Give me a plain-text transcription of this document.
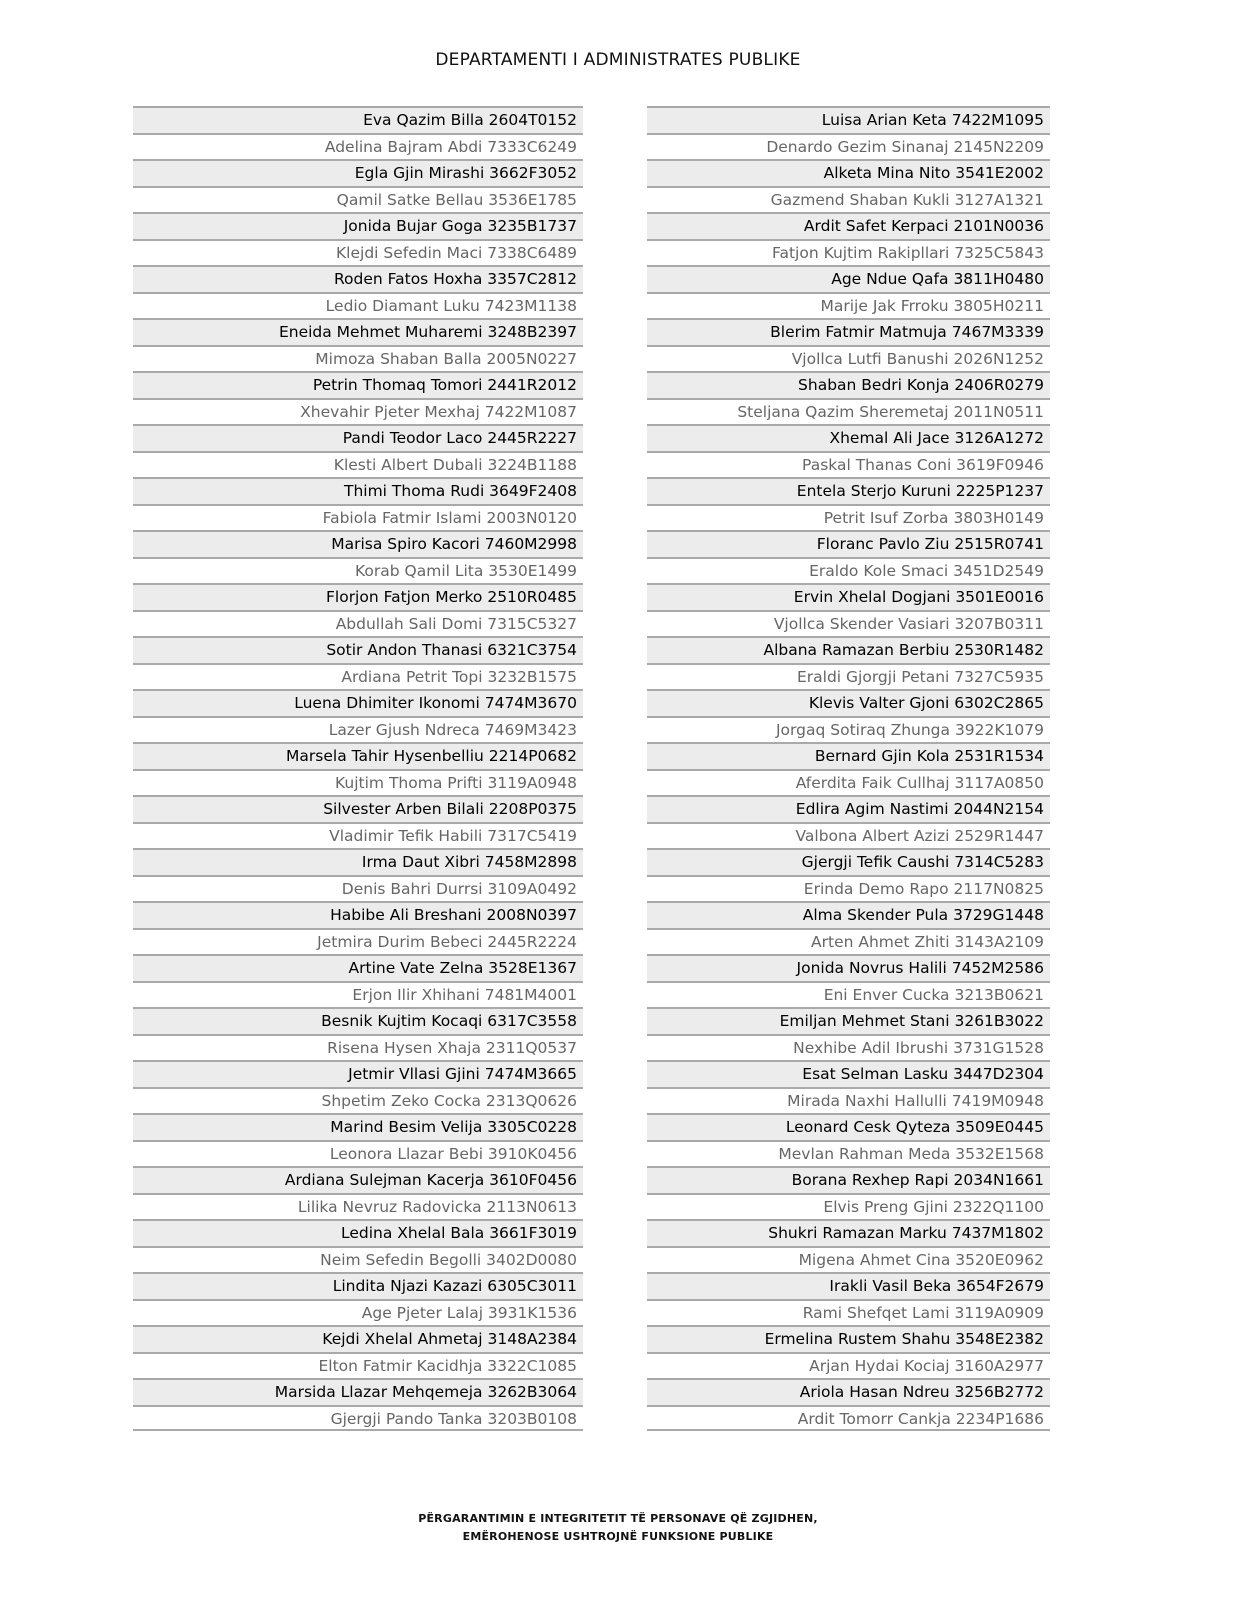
DEPARTAMENTI I ADMINISTRATES PUBLIKE
Eva Qazim Billa 2604T0152
Adelina Bajram Abdi 7333C6249
Egla Gjin Mirashi 3662F3052
Qamil Satke Bellau 3536E1785
Jonida Bujar Goga 3235B1737
Klejdi Sefedin Maci 7338C6489
Roden Fatos Hoxha 3357C2812
Ledio Diamant Luku 7423M1138
Eneida Mehmet Muharemi 3248B2397
Mimoza Shaban Balla 2005N0227
Petrin Thomaq Tomori 2441R2012
Xhevahir Pjeter Mexhaj 7422M1087
Pandi Teodor Laco 2445R2227
Klesti Albert Dubali 3224B1188
Thimi Thoma Rudi 3649F2408
Fabiola Fatmir Islami 2003N0120
Marisa Spiro Kacori 7460M2998
Korab Qamil Lita 3530E1499
Florjon Fatjon Merko 2510R0485
Abdullah Sali Domi 7315C5327
Sotir Andon Thanasi 6321C3754
Ardiana Petrit Topi 3232B1575
Luena Dhimiter Ikonomi 7474M3670
Lazer Gjush Ndreca 7469M3423
Marsela Tahir Hysenbelliu 2214P0682
Kujtim Thoma Prifti 3119A0948
Silvester Arben Bilali 2208P0375
Vladimir Tefik Habili 7317C5419
Irma Daut Xibri 7458M2898
Denis Bahri Durrsi 3109A0492
Habibe Ali Breshani 2008N0397
Jetmira Durim Bebeci 2445R2224
Artine Vate Zelna 3528E1367
Erjon Ilir Xhihani 7481M4001
Besnik Kujtim Kocaqi 6317C3558
Risena Hysen Xhaja 2311Q0537
Jetmir Vllasi Gjini 7474M3665
Shpetim Zeko Cocka 2313Q0626
Marind Besim Velija 3305C0228
Leonora Llazar Bebi 3910K0456
Ardiana Sulejman Kacerja 3610F0456
Lilika Nevruz Radovicka 2113N0613
Ledina Xhelal Bala 3661F3019
Neim Sefedin Begolli 3402D0080
Lindita Njazi Kazazi 6305C3011
Age Pjeter Lalaj 3931K1536
Kejdi Xhelal Ahmetaj 3148A2384
Elton Fatmir Kacidhja 3322C1085
Marsida Llazar Mehqemeja 3262B3064
Gjergji Pando Tanka 3203B0108
Luisa Arian Keta 7422M1095
Denardo Gezim Sinanaj 2145N2209
Alketa Mina Nito 3541E2002
Gazmend Shaban Kukli 3127A1321
Ardit Safet Kerpaci 2101N0036
Fatjon Kujtim Rakipllari 7325C5843
Age Ndue Qafa 3811H0480
Marije Jak Frroku 3805H0211
Blerim Fatmir Matmuja 7467M3339
Vjollca Lutfi Banushi 2026N1252
Shaban Bedri Konja 2406R0279
Steljana Qazim Sheremetaj 2011N0511
Xhemal Ali Jace 3126A1272
Paskal Thanas Coni 3619F0946
Entela Sterjo Kuruni 2225P1237
Petrit Isuf Zorba 3803H0149
Floranc Pavlo Ziu 2515R0741
Eraldo Kole Smaci 3451D2549
Ervin Xhelal Dogjani 3501E0016
Vjollca Skender Vasiari 3207B0311
Albana Ramazan Berbiu 2530R1482
Eraldi Gjorgji Petani 7327C5935
Klevis Valter Gjoni 6302C2865
Jorgaq Sotiraq Zhunga 3922K1079
Bernard Gjin Kola 2531R1534
Aferdita Faik Cullhaj 3117A0850
Edlira Agim Nastimi 2044N2154
Valbona Albert Azizi 2529R1447
Gjergji Tefik Caushi 7314C5283
Erinda Demo Rapo 2117N0825
Alma Skender Pula 3729G1448
Arten Ahmet Zhiti 3143A2109
Jonida Novrus Halili 7452M2586
Eni Enver Cucka 3213B0621
Emiljan Mehmet Stani 3261B3022
Nexhibe Adil Ibrushi 3731G1528
Esat Selman Lasku 3447D2304
Mirada Naxhi Hallulli 7419M0948
Leonard Cesk Qyteza 3509E0445
Mevlan Rahman Meda 3532E1568
Borana Rexhep Rapi 2034N1661
Elvis Preng Gjini 2322Q1100
Shukri Ramazan Marku 7437M1802
Migena Ahmet Cina 3520E0962
Irakli Vasil Beka 3654F2679
Rami Shefqet Lami 3119A0909
Ermelina Rustem Shahu 3548E2382
Arjan Hydai Kociaj 3160A2977
Ariola Hasan Ndreu 3256B2772
Ardit Tomorr Cankja 2234P1686
PËRGARANTIMIN E INTEGRITETIT TË PERSONAVE QË ZGJIDHEN,
EMËROHENOSE USHTROJNË FUNKSIONE PUBLIKE
